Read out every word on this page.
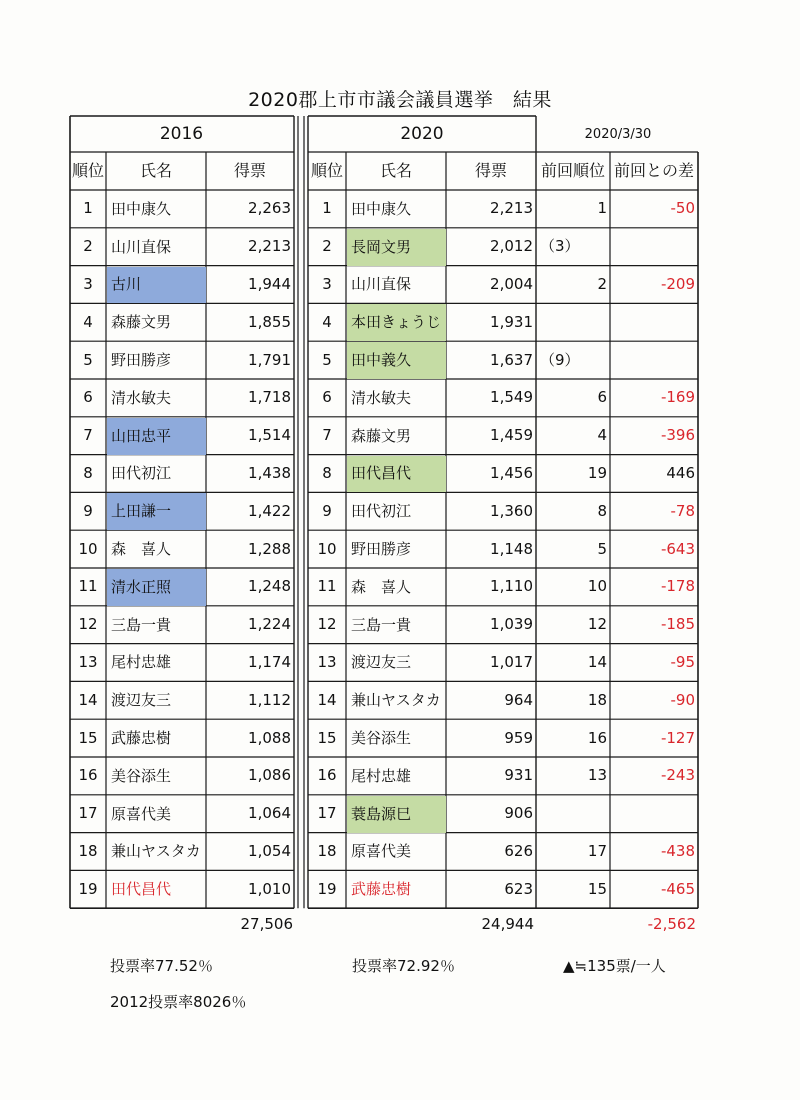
2020郡上市市議会議員選挙　結果
順位	氏名	得票	順位	氏名	得票	前回順位 前回との差
1	田中康久	2,263	1	田中康久	2,213	1	-50
2	山川直保	2,213	2	長岡文男	2,012 （3）
3	古川	1,944	3	山川直保	2,004	2	-209
4	森藤文男	1,855	4	本田きょうじ	1,931
5	野田勝彦	1,791	5	田中義久	1,637 （9）
6	清水敏夫	1,718	6	清水敏夫	1,549	6	-169
7	山田忠平	1,514	7	森藤文男	1,459	4	-396
8	田代初江	1,438	8	田代昌代	1,456	19	446
9	上田謙一	1,422	9	田代初江	1,360	8	-78
10 森　喜人	1,288	10 野田勝彦	1,148	5	-643
11 清水正照	1,248	11 森　喜人	1,110	10	-178
12 三島一貴	1,224	12 三島一貴	1,039	12	-185
13 尾村忠雄	1,174	13 渡辺友三	1,017	14	-95
14 渡辺友三	1,112	14 兼山ヤスタカ	964	18	-90
15 武藤忠樹	1,088	15 美谷添生	959	16	-127
16 美谷添生	1,086	16 尾村忠雄	931	13	-243
17 原喜代美	1,064	17 蓑島源巳	906
18 兼山ヤスタカ	1,054	18 原喜代美	626	17	-438
19 田代昌代	1,010	19 武藤忠樹	623	15	-465
2016	2020	2020/3/30
27,506	24,944	-2,562
投票率77.52％	投票率72.92％	▲≒135票/一人
2012投票率8026％
